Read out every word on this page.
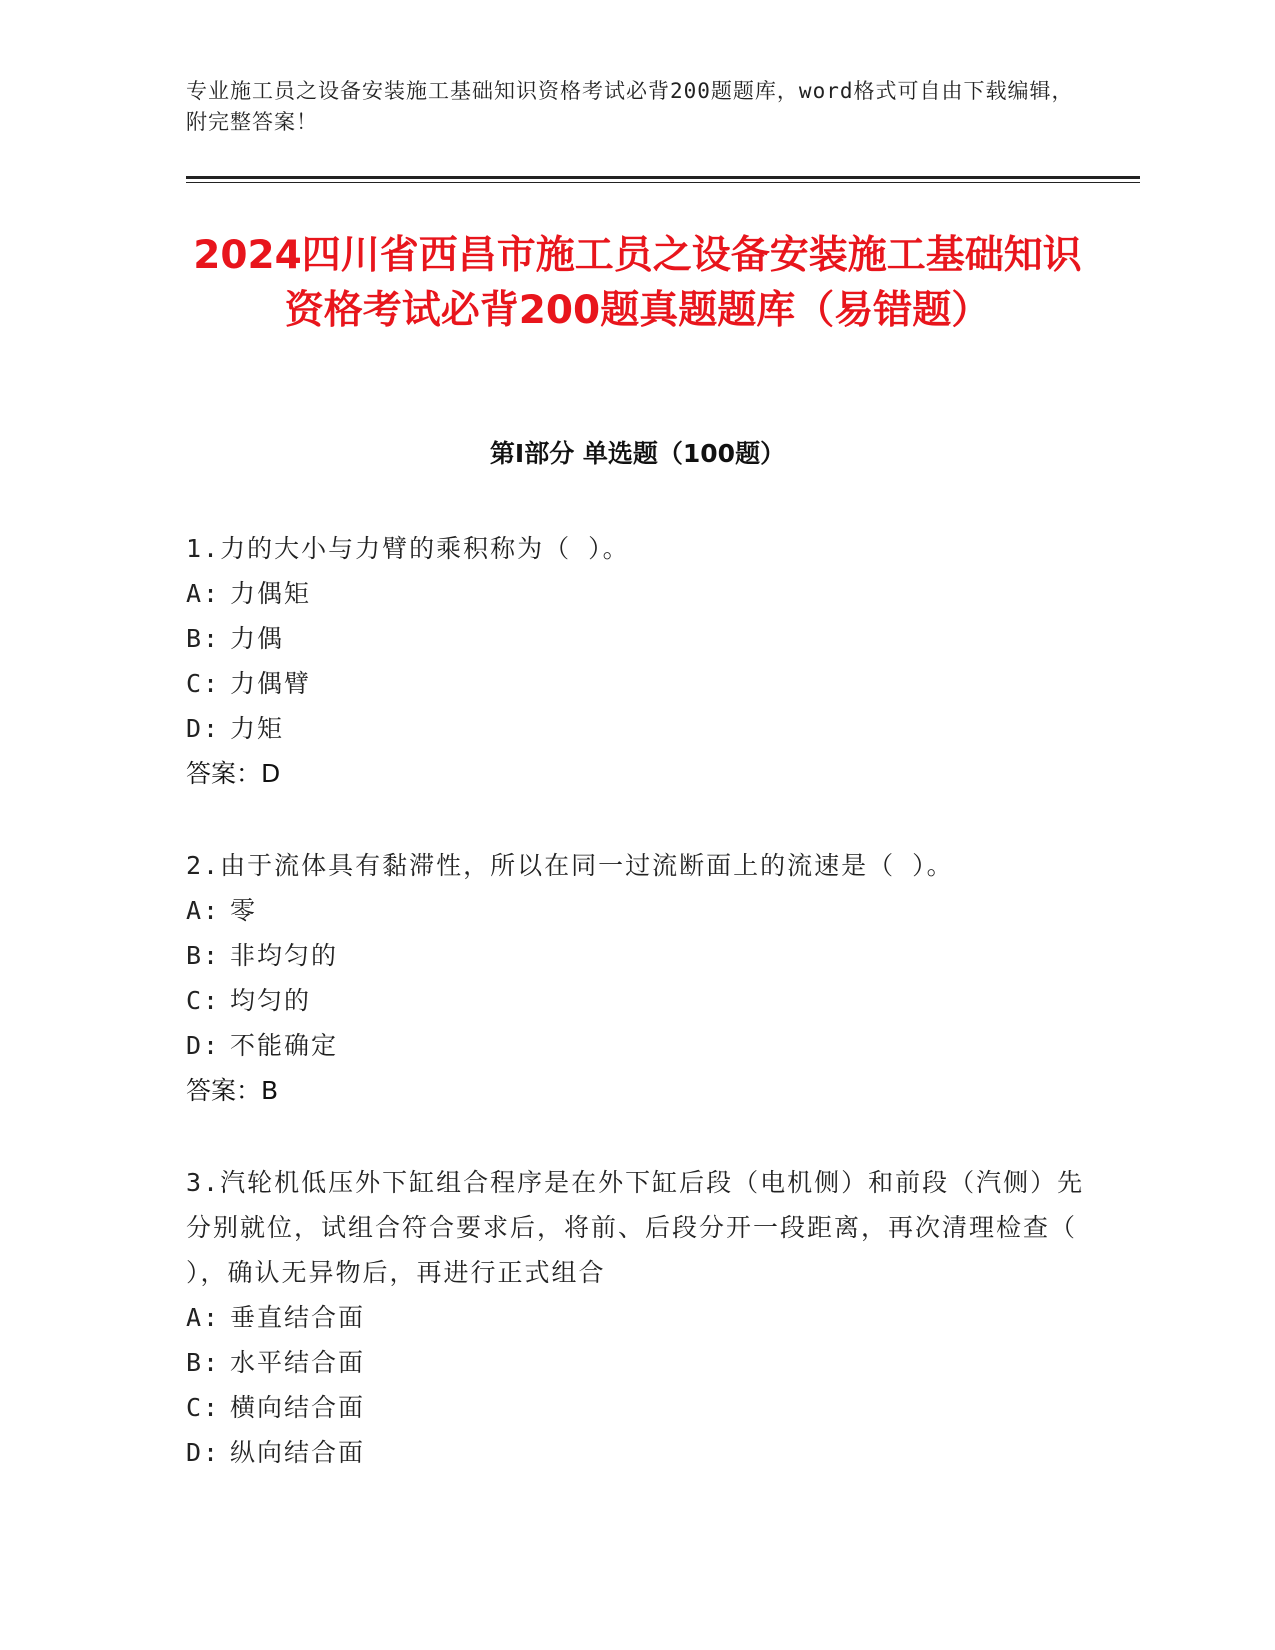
专业施工员之设备安装施工基础知识资格考试必背200题题库，word格式可自由下载编辑，附完整答案！
2024四川省西昌市施工员之设备安装施工基础知识资格考试必背200题真题题库（易错题）
第Ⅰ部分 单选题（100题）

1.力的大小与力臂的乘积称为（ ）。

A: 力偶矩

B: 力偶

C: 力偶臂

D: 力矩

答案：D

2.由于流体具有黏滞性，所以在同一过流断面上的流速是（ ）。

A: 零

B: 非均匀的

C: 均匀的

D: 不能确定

答案：B

3.汽轮机低压外下缸组合程序是在外下缸后段（电机侧）和前段（汽侧）先分别就位，试组合符合要求后，将前、后段分开一段距离，再次清理检查（ ），确认无异物后，再进行正式组合

A: 垂直结合面

B: 水平结合面

C: 横向结合面

D: 纵向结合面
